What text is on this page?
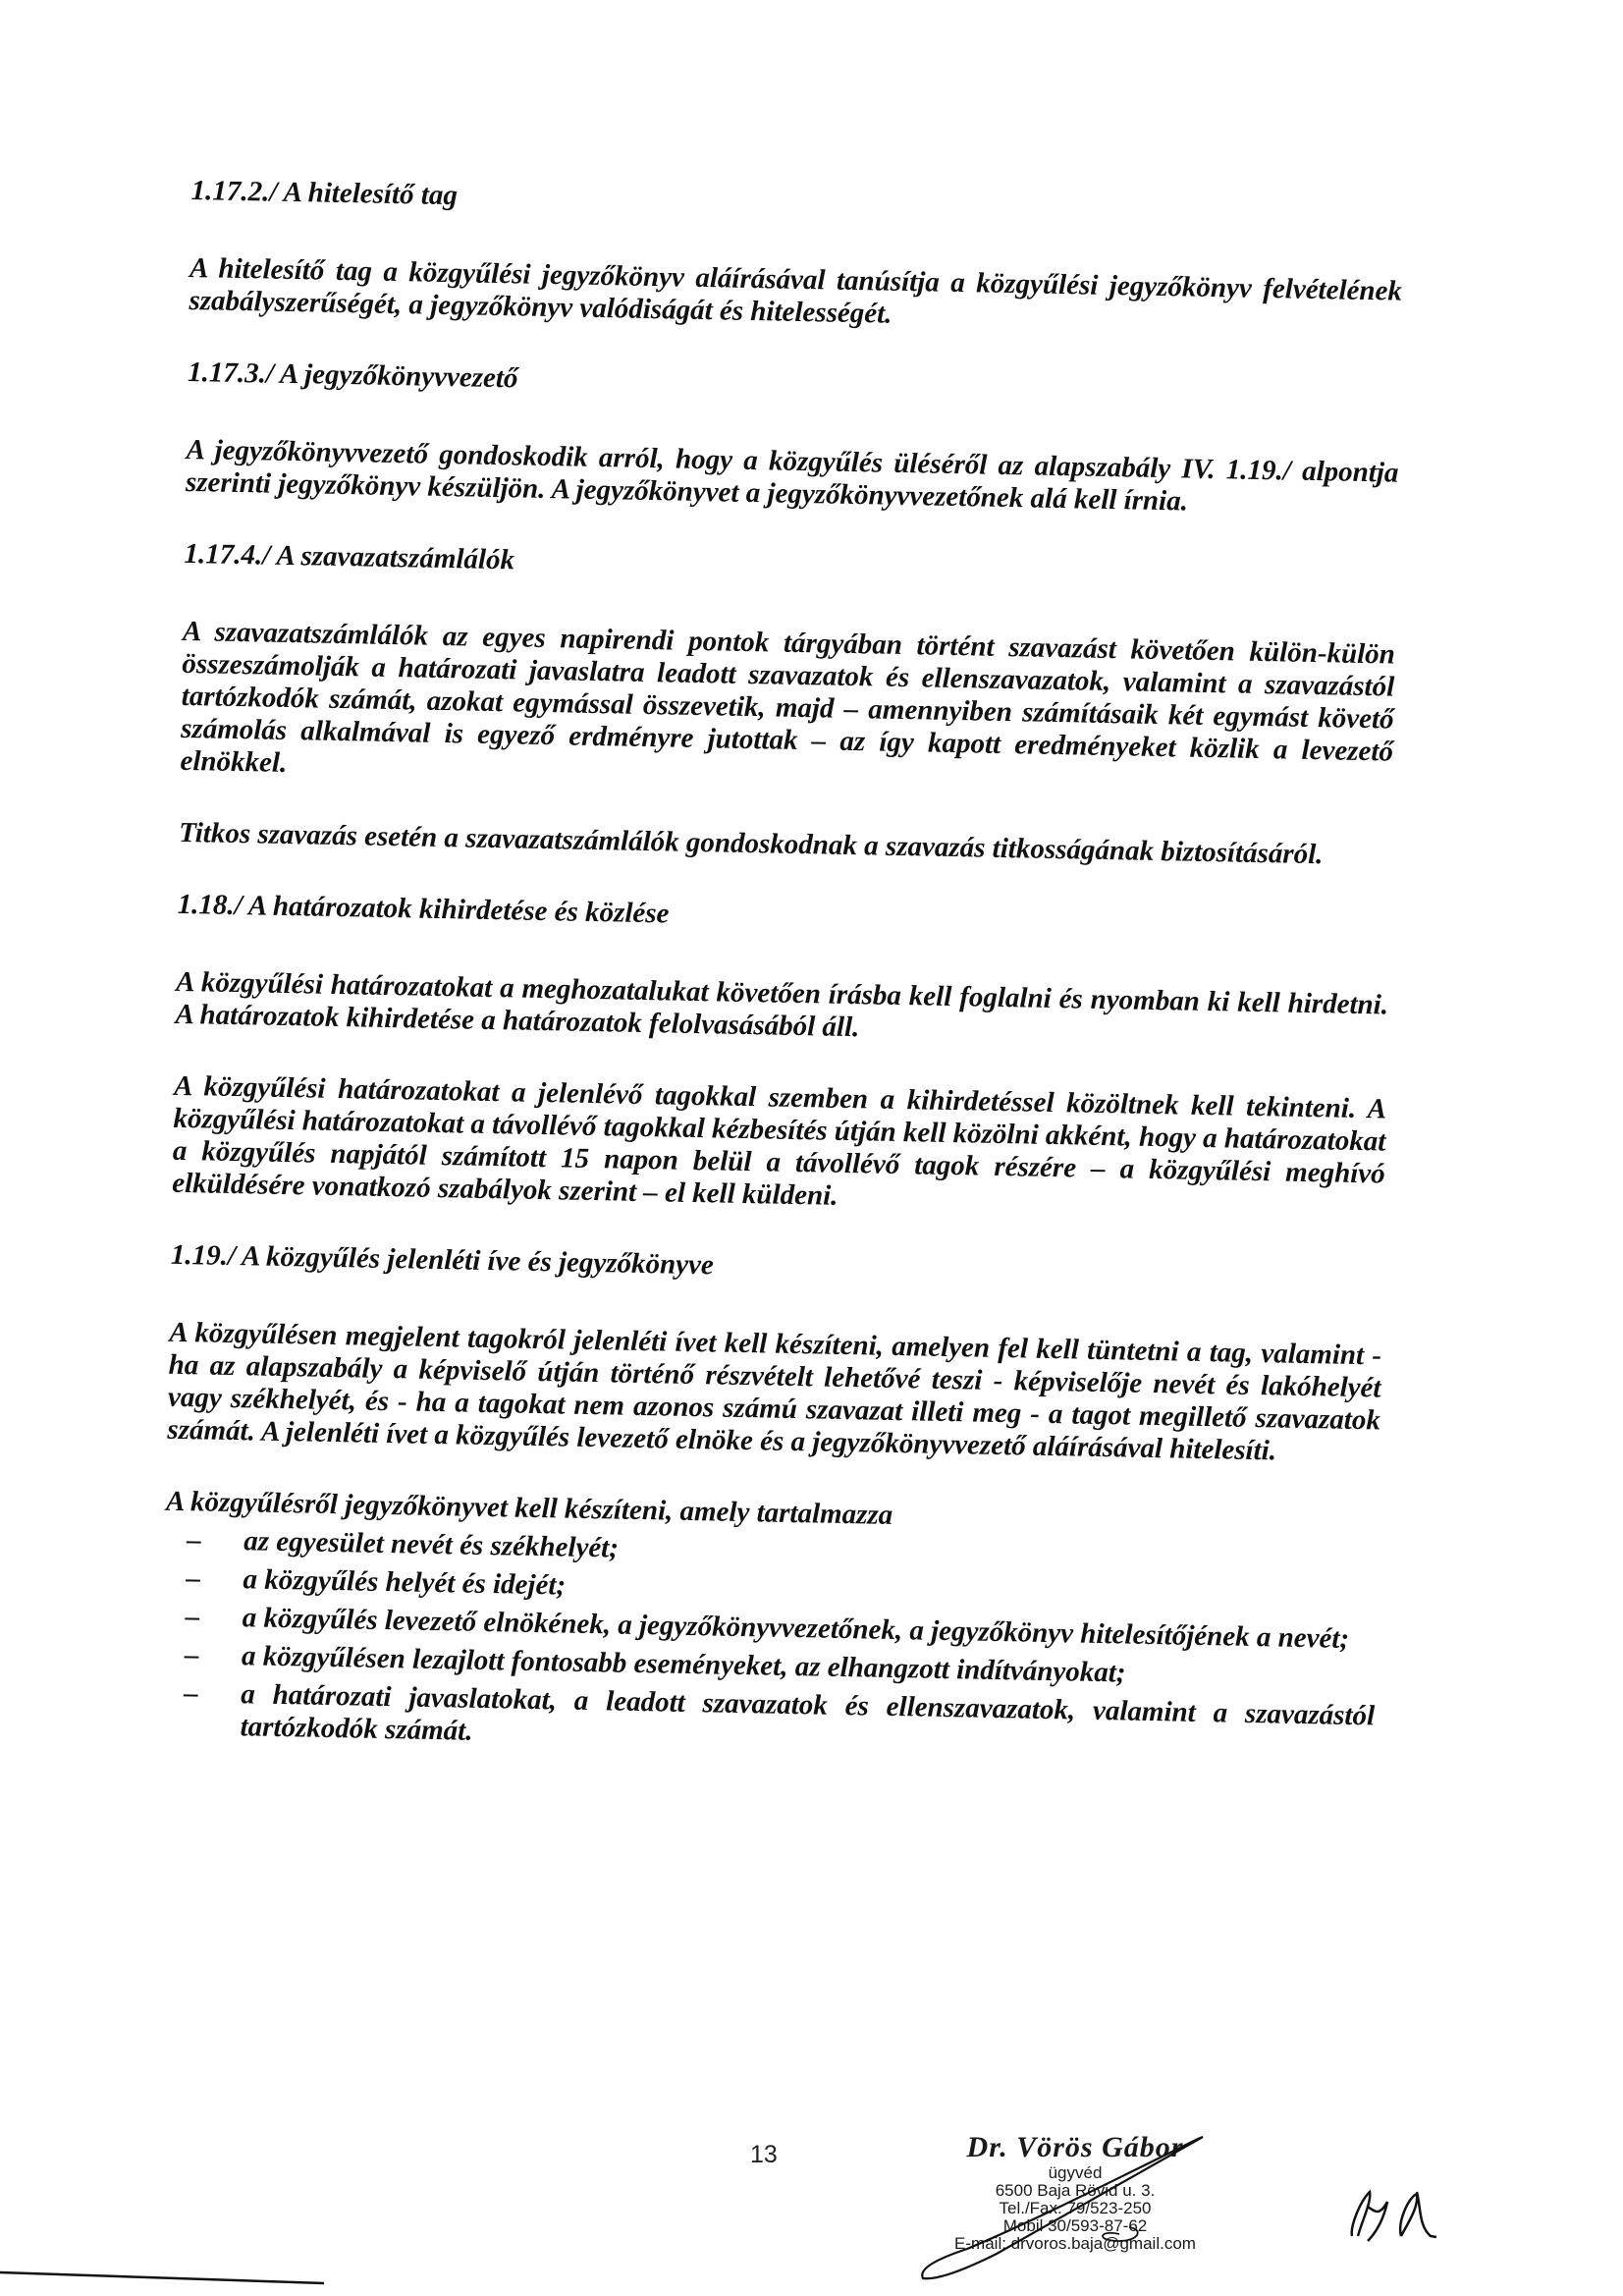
1.17.2./ A hitelesítő tag

A hitelesítő tag a közgyűlési jegyzőkönyv aláírásával tanúsítja a közgyűlési jegyzőkönyv felvételének szabályszerűségét, a jegyzőkönyv valódiságát és hitelességét.

1.17.3./ A jegyzőkönyvvezető

A jegyzőkönyvvezető gondoskodik arról, hogy a közgyűlés üléséről az alapszabály IV. 1.19./ alpontja szerinti jegyzőkönyv készüljön. A jegyzőkönyvet a jegyzőkönyvvezetőnek alá kell írnia.

1.17.4./ A szavazatszámlálók

A szavazatszámlálók az egyes napirendi pontok tárgyában történt szavazást követően külön-külön összeszámolják a határozati javaslatra leadott szavazatok és ellenszavazatok, valamint a szavazástól tartózkodók számát, azokat egymással összevetik, majd – amennyiben számításaik két egymást követő számolás alkalmával is egyező erdményre jutottak – az így kapott eredményeket közlik a levezető elnökkel.

Titkos szavazás esetén a szavazatszámlálók gondoskodnak a szavazás titkosságának biztosításáról.

1.18./ A határozatok kihirdetése és közlése

A közgyűlési határozatokat a meghozatalukat követően írásba kell foglalni és nyomban ki kell hirdetni. A határozatok kihirdetése a határozatok felolvasásából áll.

A közgyűlési határozatokat a jelenlévő tagokkal szemben a kihirdetéssel közöltnek kell tekinteni. A közgyűlési határozatokat a távollévő tagokkal kézbesítés útján kell közölni akként, hogy a határozatokat a közgyűlés napjától számított 15 napon belül a távollévő tagok részére – a közgyűlési meghívó elküldésére vonatkozó szabályok szerint – el kell küldeni.

1.19./ A közgyűlés jelenléti íve és jegyzőkönyve

A közgyűlésen megjelent tagokról jelenléti ívet kell készíteni, amelyen fel kell tüntetni a tag, valamint - ha az alapszabály a képviselő útján történő részvételt lehetővé teszi - képviselője nevét és lakóhelyét vagy székhelyét, és - ha a tagokat nem azonos számú szavazat illeti meg - a tagot megillető szavazatok számát. A jelenléti ívet a közgyűlés levezető elnöke és a jegyzőkönyvvezető aláírásával hitelesíti.

A közgyűlésről jegyzőkönyvet kell készíteni, amely tartalmazza

– az egyesület nevét és székhelyét;
– a közgyűlés helyét és idejét;
– a közgyűlés levezető elnökének, a jegyzőkönyvvezetőnek, a jegyzőkönyv hitelesítőjének a nevét;
– a közgyűlésen lezajlott fontosabb eseményeket, az elhangzott indítványokat;
– a határozati javaslatokat, a leadott szavazatok és ellenszavazatok, valamint a szavazástól tartózkodók számát.
13	Dr. Vörös Gábor
ügyvéd
6500 Baja Rövid u. 3.
Tel./Fax. 79/523-250
Mobil 30/593-87-62
E-mail: drvoros.baja@gmail.com
